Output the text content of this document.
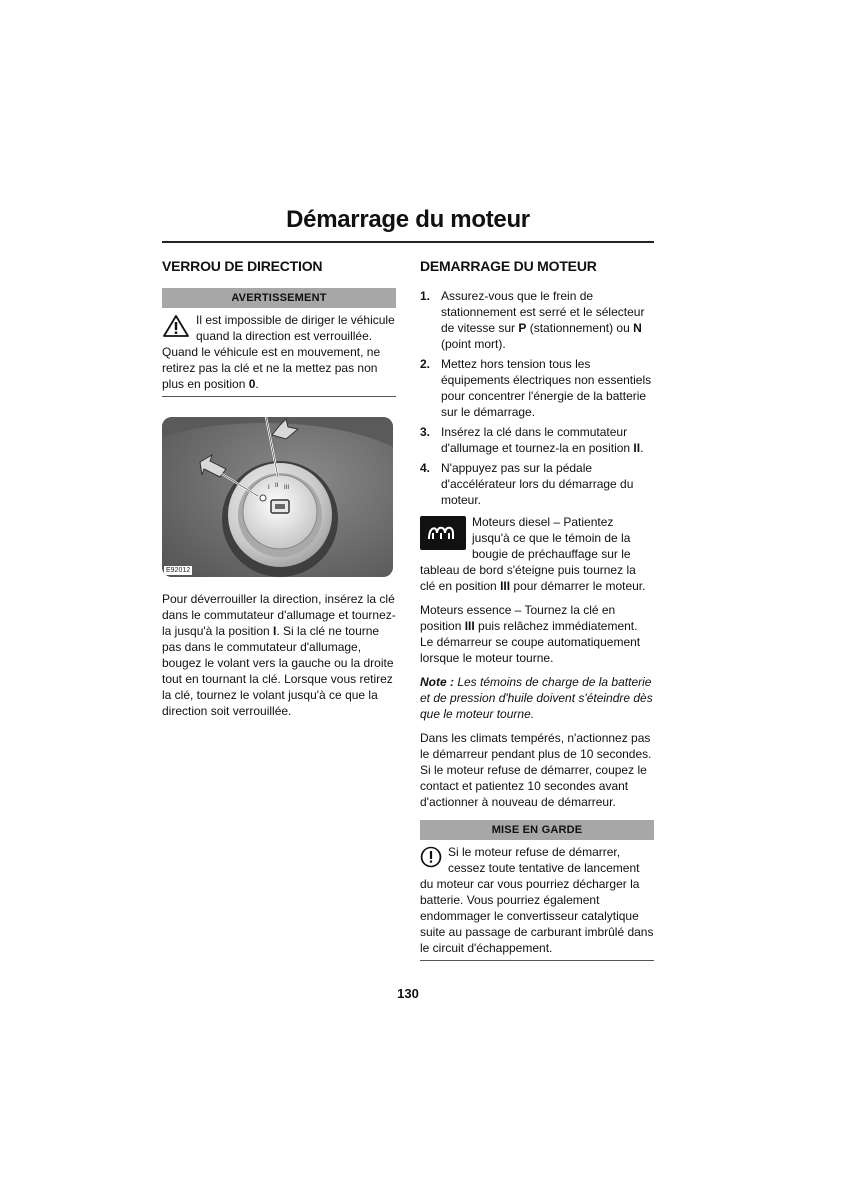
Démarrage du moteur
VERROU DE DIRECTION
AVERTISSEMENT
Il est impossible de diriger le véhicule quand la direction est verrouillée. Quand le véhicule est en mouvement, ne retirez pas la clé et ne la mettez pas non plus en position 0.
I II III
E92012

Pour déverrouiller la direction, insérez la clé dans le commutateur d'allumage et tournez-la jusqu'à la position I. Si la clé ne tourne pas dans le commutateur d'allumage, bougez le volant vers la gauche ou la droite tout en tournant la clé. Lorsque vous retirez la clé, tournez le volant jusqu'à ce que la direction soit verrouillée.

DEMARRAGE DU MOTEUR
1. Assurez-vous que le frein de stationnement est serré et le sélecteur de vitesse sur P (stationnement) ou N (point mort).
2. Mettez hors tension tous les équipements électriques non essentiels pour concentrer l'énergie de la batterie sur le démarrage.
3. Insérez la clé dans le commutateur d'allumage et tournez-la en position II.
4. N'appuyez pas sur la pédale d'accélérateur lors du démarrage du moteur.

Moteurs diesel – Patientez jusqu'à ce que le témoin de la bougie de préchauffage sur le tableau de bord s'éteigne puis tournez la clé en position III pour démarrer le moteur.

Moteurs essence – Tournez la clé en position III puis relâchez immédiatement. Le démarreur se coupe automatiquement lorsque le moteur tourne.

Note : Les témoins de charge de la batterie et de pression d'huile doivent s'éteindre dès que le moteur tourne.

Dans les climats tempérés, n'actionnez pas le démarreur pendant plus de 10 secondes. Si le moteur refuse de démarrer, coupez le contact et patientez 10 secondes avant d'actionner à nouveau de démarreur.

MISE EN GARDE
Si le moteur refuse de démarrer, cessez toute tentative de lancement du moteur car vous pourriez décharger la batterie. Vous pourriez également endommager le convertisseur catalytique suite au passage de carburant imbrûlé dans le circuit d'échappement.
130
